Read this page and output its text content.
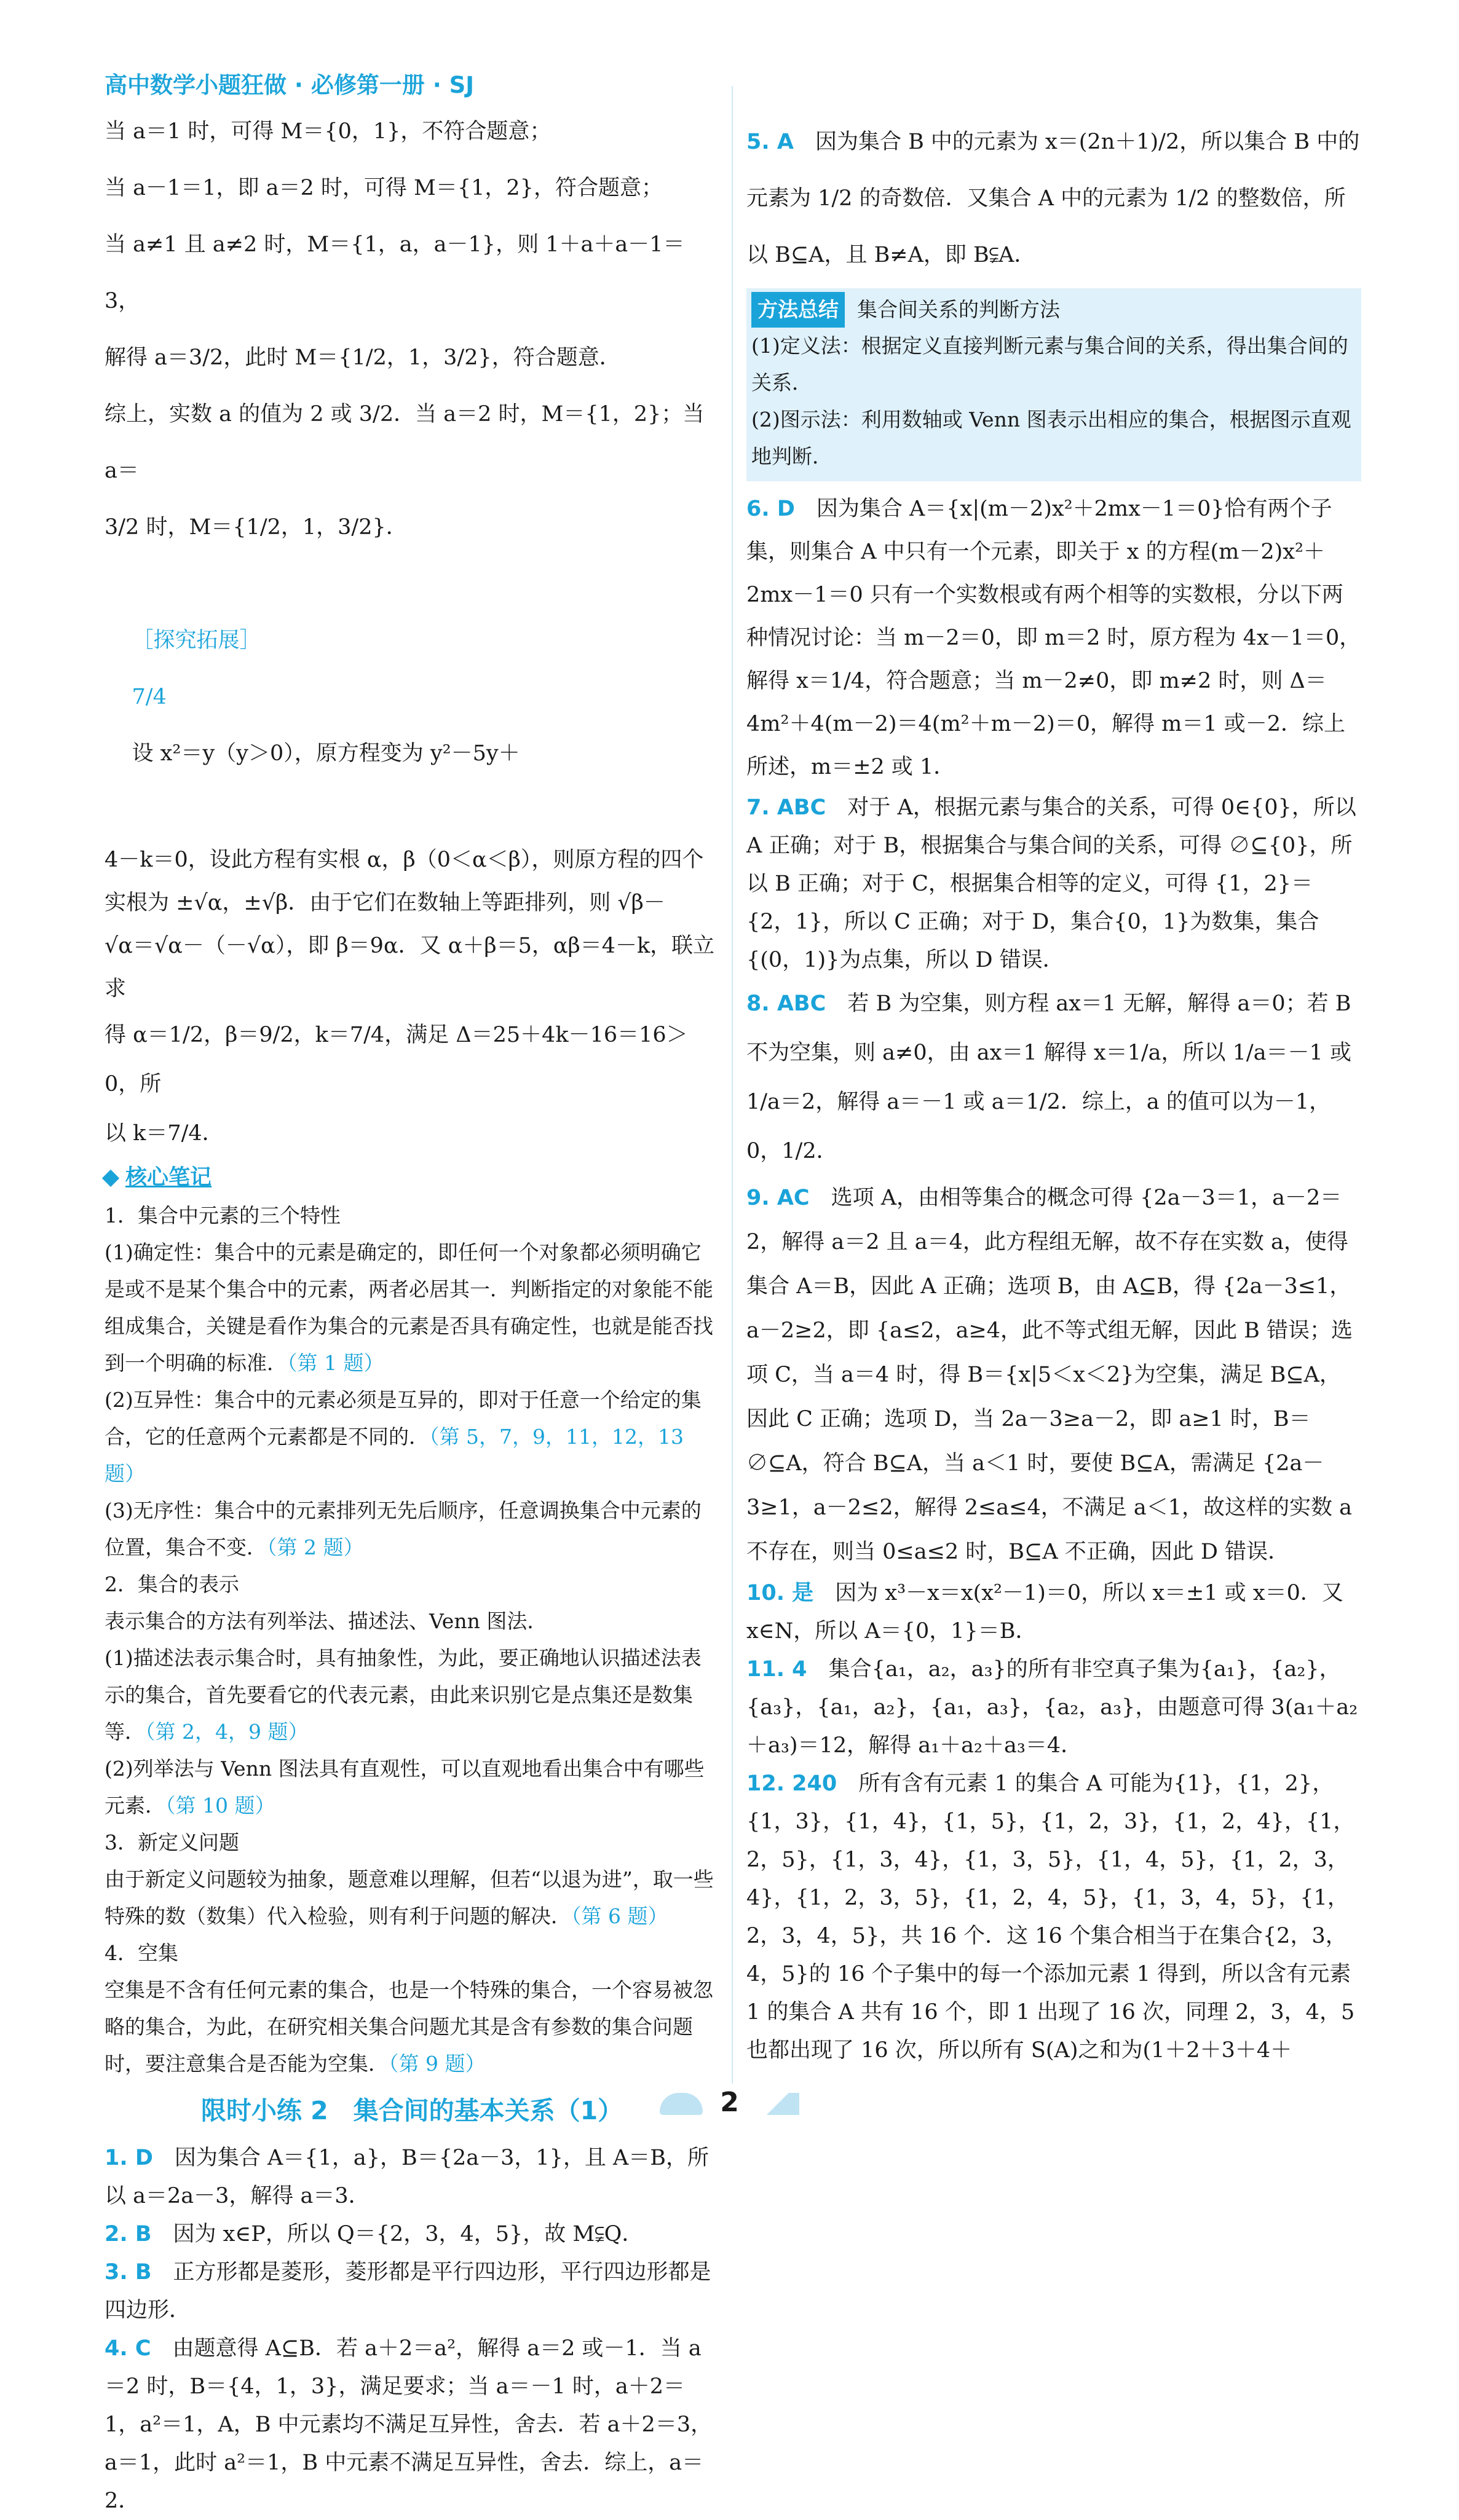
高中数学小题狂做 · 必修第一册 · SJ

当 a＝1 时，可得 M＝{0，1}，不符合题意；

当 a－1＝1，即 a＝2 时，可得 M＝{1，2}，符合题意；

当 a≠1 且 a≠2 时，M＝{1，a，a－1}，则 1＋a＋a－1＝3，

解得 a＝3/2，此时 M＝{1/2，1，3/2}，符合题意．

综上，实数 a 的值为 2 或 3/2．当 a＝2 时，M＝{1，2}；当 a＝

3/2 时，M＝{1/2，1，3/2}．

［探究拓展］
7/4
设 x²＝y（y＞0），原方程变为 y²－5y＋

4－k＝0，设此方程有实根 α，β（0＜α＜β），则原方程的四个

实根为 ±√α，±√β．由于它们在数轴上等距排列，则 √β－

√α＝√α－（－√α），即 β＝9α．又 α＋β＝5，αβ＝4－k，联立求

得 α＝1/2，β＝9/2，k＝7/4，满足 Δ＝25＋4k－16＝16＞0，所

以 k＝7/4．

核心笔记

1．集合中元素的三个特性

(1)确定性：集合中的元素是确定的，即任何一个对象都必须明确它是或不是某个集合中的元素，两者必居其一．判断指定的对象能不能组成集合，关键是看作为集合的元素是否具有确定性，也就是能否找到一个明确的标准．（第 1 题）

(2)互异性：集合中的元素必须是互异的，即对于任意一个给定的集合，它的任意两个元素都是不同的．（第 5，7，9，11，12，13 题）

(3)无序性：集合中的元素排列无先后顺序，任意调换集合中元素的位置，集合不变．（第 2 题）

2．集合的表示

表示集合的方法有列举法、描述法、Venn 图法．

(1)描述法表示集合时，具有抽象性，为此，要正确地认识描述法表示的集合，首先要看它的代表元素，由此来识别它是点集还是数集等．（第 2，4，9 题）

(2)列举法与 Venn 图法具有直观性，可以直观地看出集合中有哪些元素．（第 10 题）

3．新定义问题

由于新定义问题较为抽象，题意难以理解，但若“以退为进”，取一些特殊的数（数集）代入检验，则有利于问题的解决．（第 6 题）

4．空集

空集是不含有任何元素的集合，也是一个特殊的集合，一个容易被忽略的集合，为此，在研究相关集合问题尤其是含有参数的集合问题时，要注意集合是否能为空集．（第 9 题）

限时小练 2　集合间的基本关系（1）

1. D　 因为集合 A＝{1，a}，B＝{2a－3，1}，且 A＝B，所以 a＝2a－3，解得 a＝3．

2. B　 因为 x∈P，所以 Q＝{2，3，4，5}，故 M⫋Q．

3. B　 正方形都是菱形，菱形都是平行四边形，平行四边形都是四边形．

4. C　 由题意得 A⊆B．若 a＋2＝a²，解得 a＝2 或－1．当 a＝2 时，B＝{4，1，3}，满足要求；当 a＝－1 时，a＋2＝1，a²＝1，A，B 中元素均不满足互异性，舍去．若 a＋2＝3，a＝1，此时 a²＝1，B 中元素不满足互异性，舍去．综上，a＝2．

5. A　 因为集合 B 中的元素为 x＝(2n＋1)/2，所以集合 B 中的元素为 1/2 的奇数倍．又集合 A 中的元素为 1/2 的整数倍，所以 B⊆A，且 B≠A，即 B⫋A．

方法总结 集合间关系的判断方法

(1)定义法：根据定义直接判断元素与集合间的关系，得出集合间的关系．

(2)图示法：利用数轴或 Venn 图表示出相应的集合，根据图示直观地判断．

6. D　 因为集合 A＝{x|(m－2)x²＋2mx－1＝0}恰有两个子集，则集合 A 中只有一个元素，即关于 x 的方程(m－2)x²＋2mx－1＝0 只有一个实数根或有两个相等的实数根，分以下两种情况讨论：当 m－2＝0，即 m＝2 时，原方程为 4x－1＝0，解得 x＝1/4，符合题意；当 m－2≠0，即 m≠2 时，则 Δ＝4m²＋4(m－2)＝4(m²＋m－2)＝0，解得 m＝1 或－2．综上所述，m＝±2 或 1．

7. ABC　 对于 A，根据元素与集合的关系，可得 0∈{0}，所以 A 正确；对于 B，根据集合与集合间的关系，可得 ∅⊆{0}，所以 B 正确；对于 C，根据集合相等的定义，可得 {1，2}＝{2，1}，所以 C 正确；对于 D，集合{0，1}为数集，集合{(0，1)}为点集，所以 D 错误．

8. ABC　 若 B 为空集，则方程 ax＝1 无解，解得 a＝0；若 B 不为空集，则 a≠0，由 ax＝1 解得 x＝1/a，所以 1/a＝－1 或 1/a＝2，解得 a＝－1 或 a＝1/2．综上，a 的值可以为－1，0，1/2．

9. AC　 选项 A，由相等集合的概念可得 {2a－3＝1，a－2＝2，解得 a＝2 且 a＝4，此方程组无解，故不存在实数 a，使得集合 A＝B，因此 A 正确；选项 B，由 A⊆B，得 {2a－3≤1，a－2≥2，即 {a≤2，a≥4，此不等式组无解，因此 B 错误；选项 C，当 a＝4 时，得 B＝{x|5＜x＜2}为空集，满足 B⊆A，因此 C 正确；选项 D，当 2a－3≥a－2，即 a≥1 时，B＝∅⊆A，符合 B⊆A，当 a＜1 时，要使 B⊆A，需满足 {2a－3≥1，a－2≤2，解得 2≤a≤4，不满足 a＜1，故这样的实数 a 不存在，则当 0≤a≤2 时，B⊆A 不正确，因此 D 错误．

10. 是　 因为 x³－x＝x(x²－1)＝0，所以 x＝±1 或 x＝0．又 x∈N，所以 A＝{0，1}＝B．

11. 4　 集合{a₁，a₂，a₃}的所有非空真子集为{a₁}，{a₂}，{a₃}，{a₁，a₂}，{a₁，a₃}，{a₂，a₃}，由题意可得 3(a₁＋a₂＋a₃)＝12，解得 a₁＋a₂＋a₃＝4．

12. 240　 所有含有元素 1 的集合 A 可能为{1}，{1，2}，{1，3}，{1，4}，{1，5}，{1，2，3}，{1，2，4}，{1，2，5}，{1，3，4}，{1，3，5}，{1，4，5}，{1，2，3，4}，{1，2，3，5}，{1，2，4，5}，{1，3，4，5}，{1，2，3，4，5}，共 16 个．这 16 个集合相当于在集合{2，3，4，5}的 16 个子集中的每一个添加元素 1 得到，所以含有元素 1 的集合 A 共有 16 个，即 1 出现了 16 次，同理 2，3，4，5 也都出现了 16 次，所以所有 S(A)之和为(1＋2＋3＋4＋

2
